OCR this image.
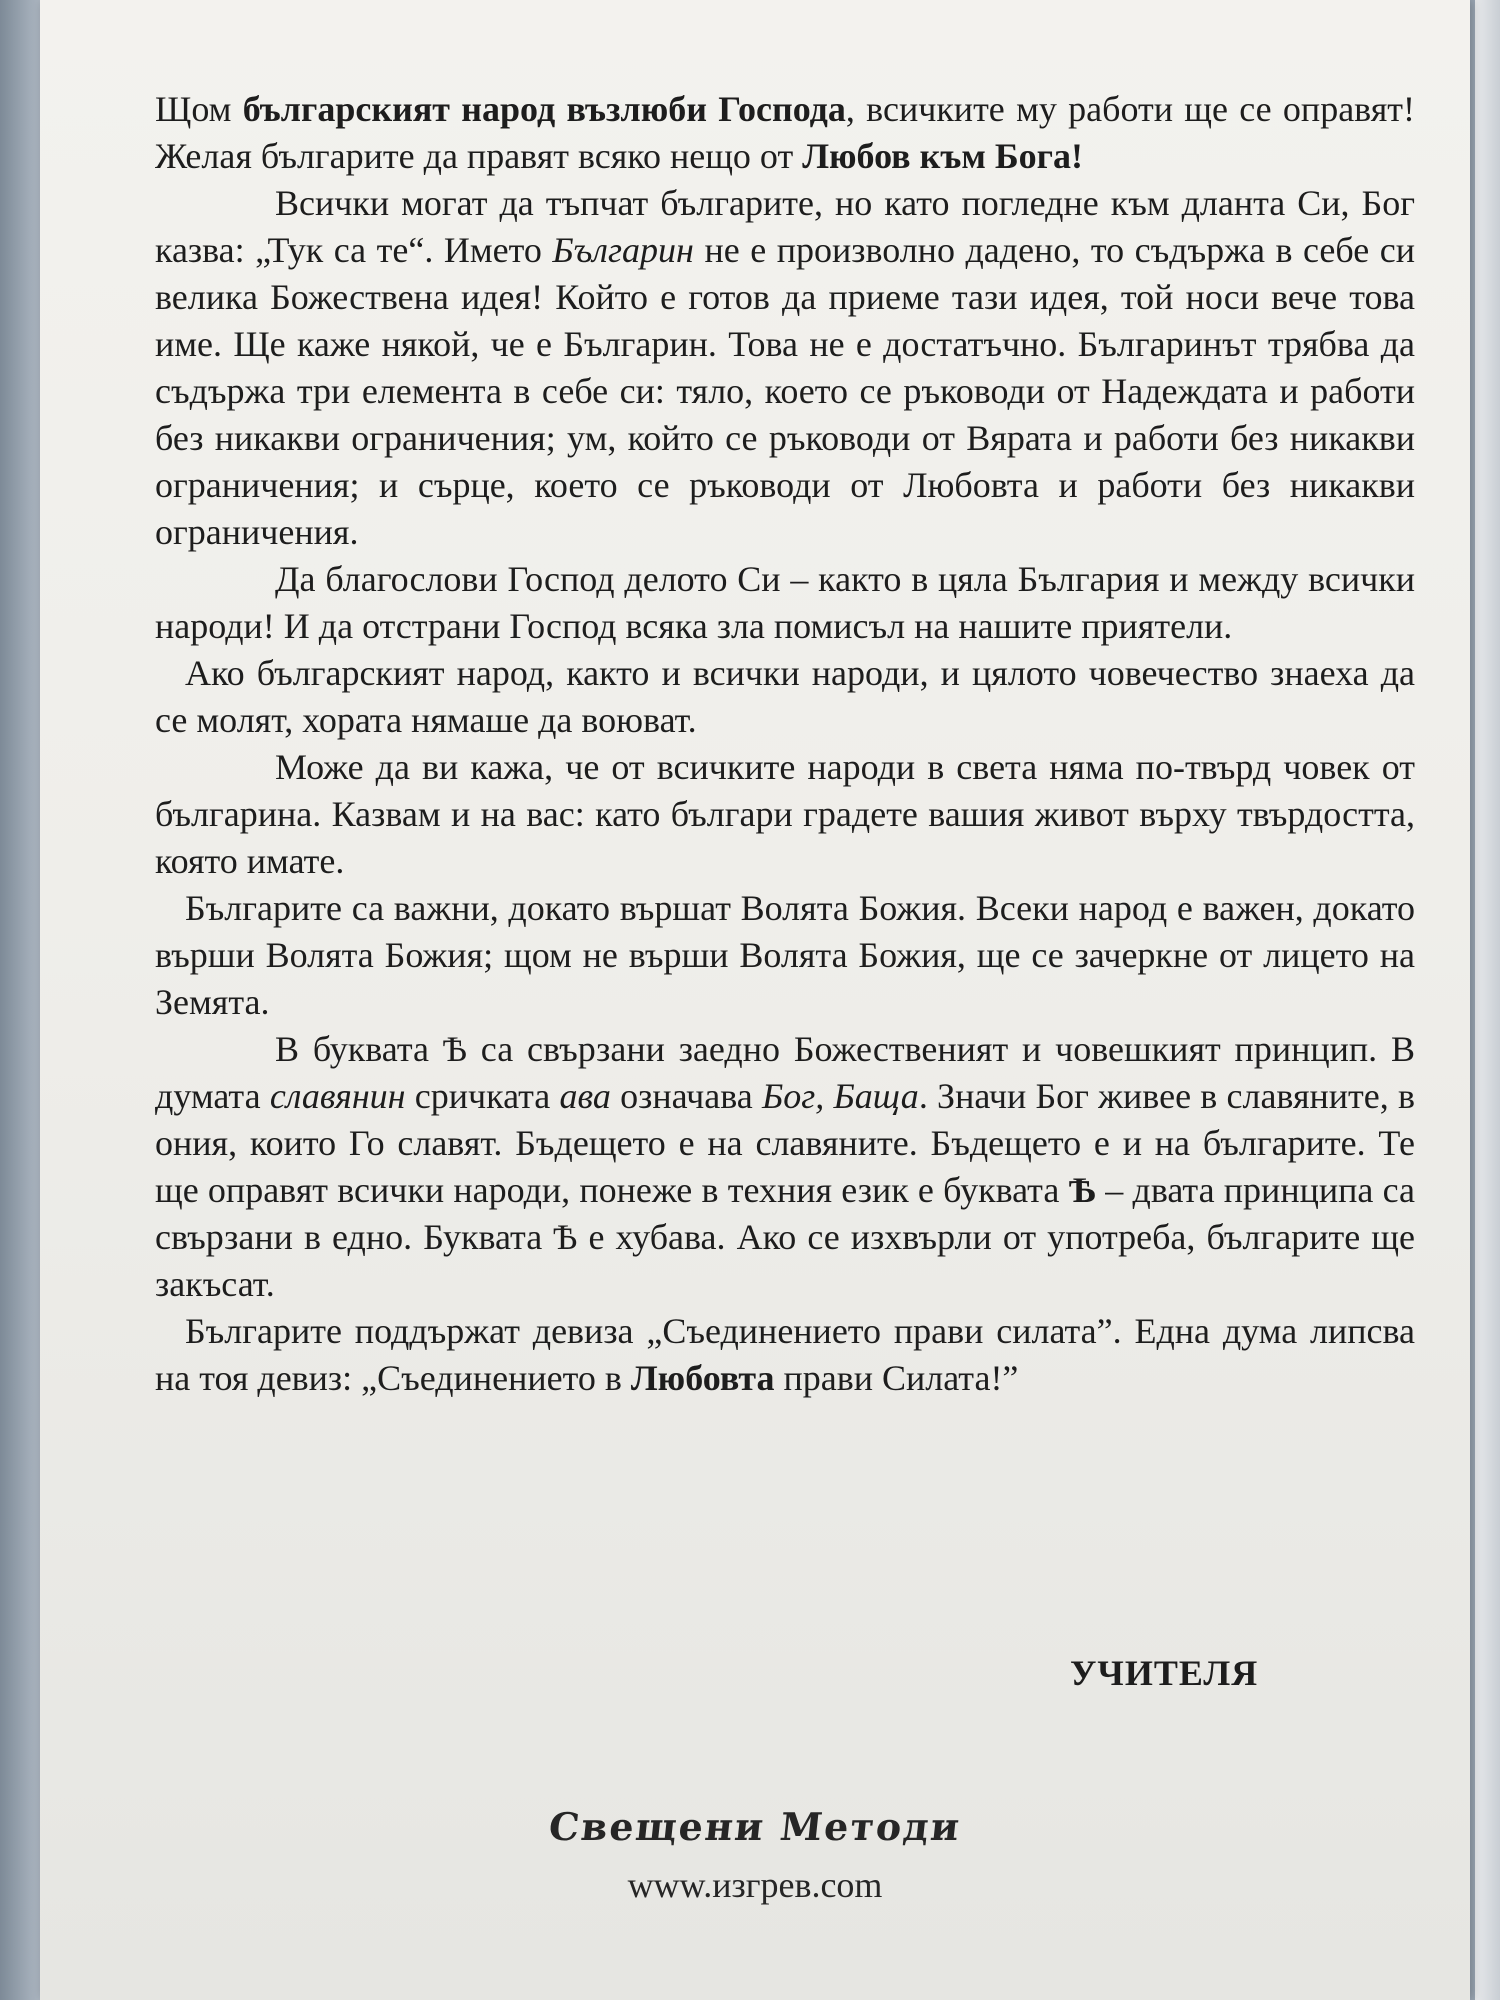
Щом българският народ възлюби Господа, всичките му работи ще се оправят! Желая българите да правят всяко нещо от Любов към Бога!

Всички могат да тъпчат българите, но като погледне към дланта Си, Бог казва: „Тук са те“. Името Българин не е произволно дадено, то съдържа в себе си велика Божествена идея! Който е готов да приеме тази идея, той носи вече това име. Ще каже някой, че е Българин. Това не е достатъчно. Българинът трябва да съдържа три елемента в себе си: тяло, което се ръководи от Надеждата и работи без никакви ограничения; ум, който се ръководи от Вярата и работи без никакви ограничения; и сърце, което се ръководи от Любовта и работи без никакви ограничения.

Да благослови Господ делото Си – както в цяла България и между всички народи! И да отстрани Господ всяка зла помисъл на нашите приятели.

Ако българският народ, както и всички народи, и цялото човечество знаеха да се молят, хората нямаше да воюват.

Може да ви кажа, че от всичките народи в света няма по-твърд човек от българина. Казвам и на вас: като българи градете вашия живот върху твърдостта, която имате.

Българите са важни, докато вършат Волята Божия. Всеки народ е важен, докато върши Волята Божия; щом не върши Волята Божия, ще се зачеркне от лицето на Земята.

В буквата Ѣ са свързани заедно Божественият и човешкият принцип. В думата славянин сричката ава означава Бог, Баща. Значи Бог живее в славяните, в ония, които Го славят. Бъдещето е на славяните. Бъдещето е и на българите. Те ще оправят всички народи, понеже в техния език е буквата Ѣ – двата принципа са свързани в едно. Буквата Ѣ е хубава. Ако се изхвърли от употреба, българите ще закъсат.

Българите поддържат девиза „Съединението прави силата”. Една дума липсва на тоя девиз: „Съединението в Любовта прави Силата!”

УЧИТЕЛЯ
Свещени Методи
www.изгрев.com
